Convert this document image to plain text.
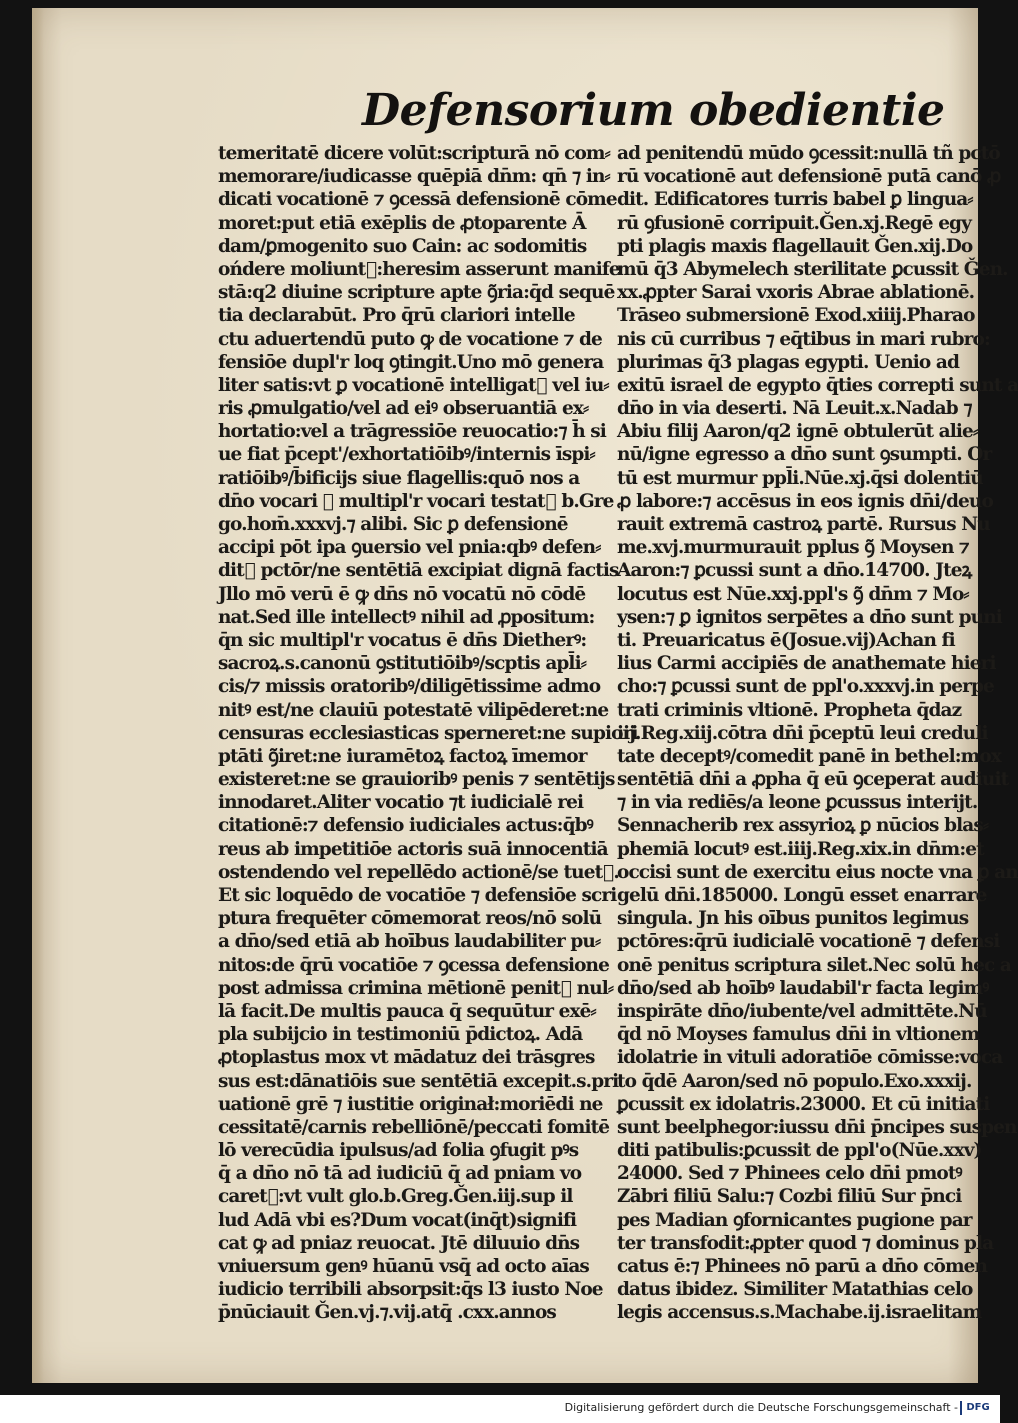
Defensorium obedientie
temeritatē dicere volūt:scripturā nō com⸗
memorare/iudicasse quēpiā dn̄m: qn̄ ⁊ in⸗
dicati vocationē ⁊ ꝯcessā defensionē cōme
moret:put etiā exēplis de ꝓtoparente Ā
dam/ꝑmogenito suo Cain: ac sodomitis
ońdere moliunt᷑:heresim asserunt manife
stā:q2 diuine scripture apte ꝯ̃ria:q̄d sequē
tia declarabūt. Pro q̄rū clariori intelle
ctu aduertendū puto ꝙ de vocatione ⁊ de
fensiōe dupl'r loq ꝯtingit.Uno mō genera
liter satis:vt ꝑ vocationē intelligat᷑ vel iu⸗
ris ꝓmulgatio/vel ad eiꝰ obseruantiā ex⸗
hortatio:vel a trāgressiōe reuocatio:⁊ h̄ si
ue fiat p̄cept'/exhortatiōibꝰ/internis īspi⸗
ratiōibꝰ/b̄ificijs siue flagellis:quō nos a
dn̄o vocari ⁊ multipl'r vocari testat᷑ b.Gre
go.hom̄.xxxvj.⁊ alibi. Sic ꝑ defensionē
accipi pōt ipa ꝯuersio vel pnia:qbꝰ defen⸗
dit᷑ pctōr/ne sentētiā excipiat dignā factis
Jllo mō verū ē ꝙ dn̄s nō vocatū nō cōdē
nat.Sed ille intellectꝰ nihil ad ꝓpositum:
q̄n sic multipl'r vocatus ē dn̄s Dietherꝰ:
sacroꝝ.s.canonū ꝯstitutiōibꝰ/scptis apl̄i⸗
cis/⁊ missis oratoribꝰ/diligētissime admo
nitꝰ est/ne clauiū potestatē vilipēderet:ne
censuras ecclesiasticas sperneret:ne supiori
ptāti ꝯ̃iret:ne iuramētoꝝ factoꝝ īmemor
existeret:ne se grauioribꝰ penis ⁊ sentētijs
innodaret.Aliter vocatio ⁊t iudicialē rei
citationē:⁊ defensio iudiciales actus:q̄bꝰ
reus ab impetitiōe actoris suā innocentiā
ostendendo vel repellēdo actionē/se tuet᷑.
Et sic loquēdo de vocatiōe ⁊ defensiōe scri
ptura frequēter cōmemorat reos/nō solū
a dn̄o/sed etiā ab hoībus laudabiliter pu⸗
nitos:de q̄rū vocatiōe ⁊ ꝯcessa defensione
post admissa crimina mētionē penit᷑ nul⸗
lā facit.De multis pauca q̄ sequūtur exē⸗
pla subijcio in testimoniū p̄dictoꝝ. Adā
ꝓtoplastus mox vt mādatuz dei trāsgres
sus est:dānatiōis sue sentētiā excepit.s.pri
uationē grē ⁊ iustitie originał:moriēdi ne
cessitatē/carnis rebelliōnē/peccati fomitē
lō verecūdia ipulsus/ad folia ꝯfugit pꝰs
q̄ a dn̄o nō tā ad iudiciū q̄ ad pniam vo
caret᷑:vt vult glo.b.Greg.Ǧen.iij.sup il
lud Adā vbi es?Dum vocat(inq̄t)signifi
cat ꝙ ad pniaz reuocat. Jtē diluuio dn̄s
vniuersum genꝰ hūanū vsq̄ ad octo aīas
iudicio terribili absorpsit:q̄s l3 iusto Noe
p̄nūciauit Ǧen.vj.⁊.vij.atq̄ .cxx.annos
ad penitendū mūdo ꝯcessit:nullā tñ pctō
rū vocationē aut defensionē putā canō ꝓ
dit. Edificatores turris babel ꝑ lingua⸗
rū ꝯfusionē corripuit.Ǧen.xj.Regē egy
pti plagis maxis flagellauit Ǧen.xij.Do
mū q̄3 Abymelech sterilitate ꝑcussit Ǧen.
xx.ꝓpter Sarai vxoris Abrae ablationē.
Trāseo submersionē Exod.xiiij.Pharao
nis cū curribus ⁊ eq̄tibus in mari rubro:
plurimas q̄3 plagas egypti. Uenio ad
exitū israel de egypto q̄ties correpti sunt a
dn̄o in via deserti. Nā Leuit.x.Nadab ⁊
Abiu filij Aaron/q2 ignē obtulerūt alie⸗
nū/igne egresso a dn̄o sunt ꝯsumpti. Or
tū est murmur ppl̄i.Nūe.xj.q̄si dolentiū
ꝓ labore:⁊ accēsus in eos ignis dn̄i/deuo
rauit extremā castroꝝ partē. Rursus Nu
me.xvj.murmurauit pplus ꝯ̃ Moysen ⁊
Aaron:⁊ ꝑcussi sunt a dn̄o.14700. Jteꝝ
locutus est Nūe.xxj.ppl's ꝯ̃ dn̄m ⁊ Mo⸗
ysen:⁊ ꝑ ignitos serpētes a dn̄o sunt puni
ti. Preuaricatus ē(Josue.vij)Achan fi
lius Carmi accipiēs de anathemate hieri
cho:⁊ ꝑcussi sunt de ppl'o.xxxvj.in perpe
trati criminis vltionē. Propheta q̄daz
iij.Reg.xiij.cōtra dn̄i p̄ceptū leui creduli
tate deceptꝰ/comedit panē in bethel:mox
sentētiā dn̄i a ꝓpha q̄ eū ꝯceperat audiuit
⁊ in via rediēs/a leone ꝑcussus interijt.
Sennacherib rex assyrioꝝ ꝑ nūcios blas⸗
phemiā locutꝰ est.iiij.Reg.xix.in dn̄m:et
occisi sunt de exercitu eius nocte vna ꝑ an
gelū dn̄i.185000. Longū esset enarrare
singula. Jn his oībus punitos legimus
pctōres:q̄rū iudicialē vocationē ⁊ defensi
onē penitus scriptura silet.Nec solū hec a
dn̄o/sed ab hoībꝰ laudabil'r facta legimꝰ
inspirāte dn̄o/iubente/vel admittēte.Nū
q̄d nō Moyses famulus dn̄i in vltionem
idolatrie in vituli adoratiōe cōmisse:voca
to q̄dē Aaron/sed nō populo.Exo.xxxij.
ꝑcussit ex idolatris.23000. Et cū initiati
sunt beelphegor:iussu dn̄i p̄ncipes suspen
diti patibulis:ꝑcussit de ppl'o(Nūe.xxv)
24000. Sed ⁊ Phinees celo dn̄i pmotꝰ
Zābri filiū Salu:⁊ Cozbi filiū Sur p̄nci
pes Madian ꝯfornicantes pugione par
ter transfodit:ꝓpter quod ⁊ dominus pla
catus ē:⁊ Phinees nō parū a dn̄o cōmen
datus ibidez. Similiter Matathias celo
legis accensus.s.Machabe.ij.israelitam
Digitalisierung gefördert durch die Deutsche Forschungsgemeinschaft - DFG
